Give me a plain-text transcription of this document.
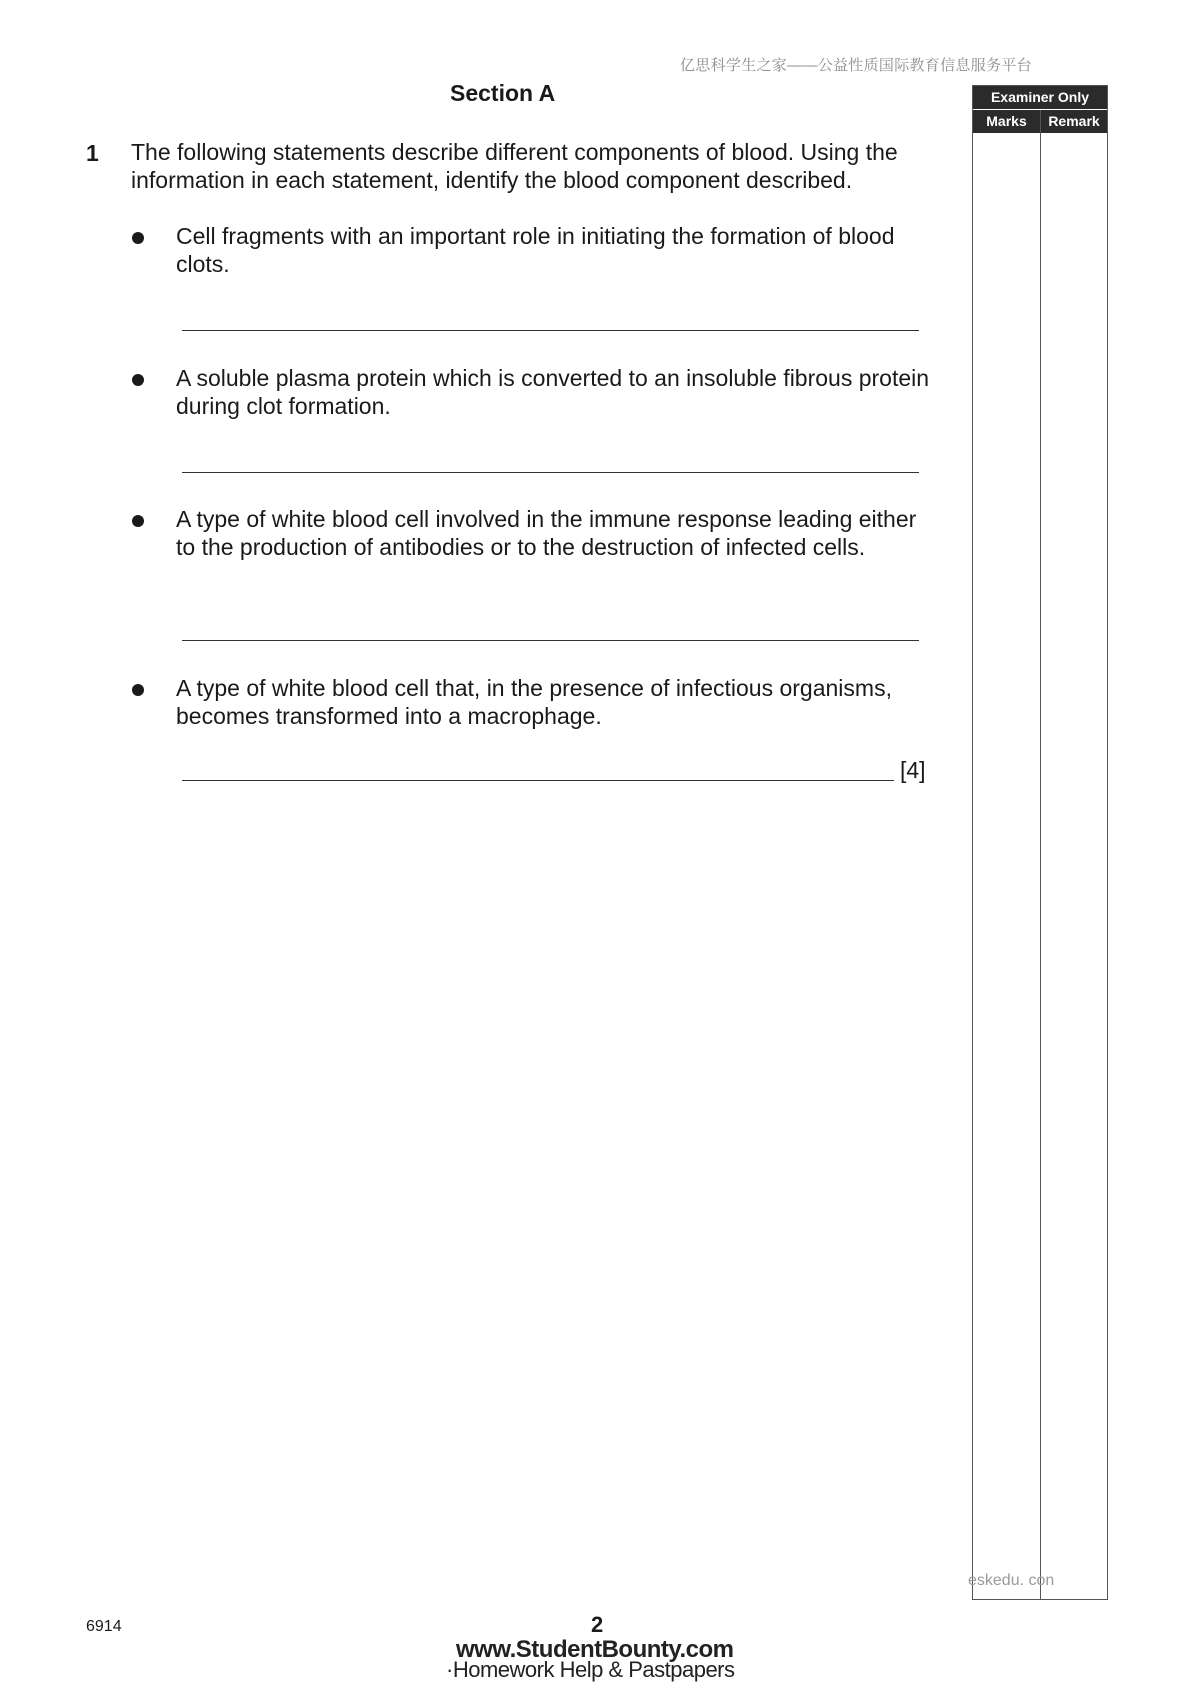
亿思科学生之家——公益性质国际教育信息服务平台
Section A	Examiner Only
Marks	Remark
eskedu. con
1 The following statements describe different components of blood. Using the information in each statement, identify the blood component described.
Cell fragments with an important role in initiating the formation of blood clots.
A soluble plasma protein which is converted to an insoluble fibrous protein during clot formation.
A type of white blood cell involved in the immune response leading either to the production of antibodies or to the destruction of infected cells.
A type of white blood cell that, in the presence of infectious organisms, becomes transformed into a macrophage.
[4]
6914	2
www.StudentBounty.com
·Homework Help & Pastpapers
